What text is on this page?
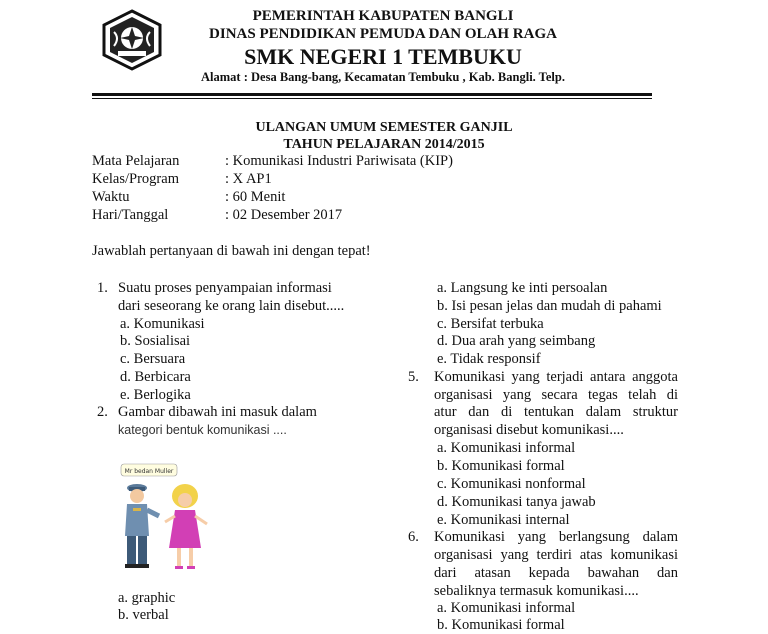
PEMERINTAH KABUPATEN BANGLI
DINAS PENDIDIKAN PEMUDA DAN OLAH RAGA
SMK NEGERI 1 TEMBUKU
Alamat : Desa Bang-bang, Kecamatan Tembuku , Kab. Bangli. Telp.
ULANGAN UMUM SEMESTER GANJIL
TAHUN PELAJARAN 2014/2015
Mata Pelajaran	: Komunikasi Industri Pariwisata (KIP)
Kelas/Program	: X AP1
Waktu	: 60 Menit
Hari/Tanggal	: 02 Desember 2017
Jawablah pertanyaan di bawah ini dengan tepat!
1. Suatu proses penyampaian informasi
dari seseorang ke orang lain disebut.....
a. Komunikasi
b. Sosialisai
c. Bersuara
d. Berbicara
e. Berlogika
2. Gambar dibawah ini masuk dalam
kategori bentuk komunikasi ....
Mr bedan Muller
a. graphic
b. verbal
a. Langsung ke inti persoalan
b. Isi pesan jelas dan mudah di pahami
c. Bersifat terbuka
d. Dua arah yang seimbang
e. Tidak responsif
5. Komunikasi yang terjadi antara anggota
organisasi yang secara tegas telah di
atur dan di tentukan dalam struktur
organisasi disebut komunikasi....
a. Komunikasi informal
b. Komunikasi formal
c. Komunikasi nonformal
d. Komunikasi tanya jawab
e. Komunikasi internal
6. Komunikasi yang berlangsung dalam
organisasi yang terdiri atas komunikasi
dari atasan kepada bawahan dan
sebaliknya termasuk komunikasi....
a. Komunikasi informal
b. Komunikasi formal
